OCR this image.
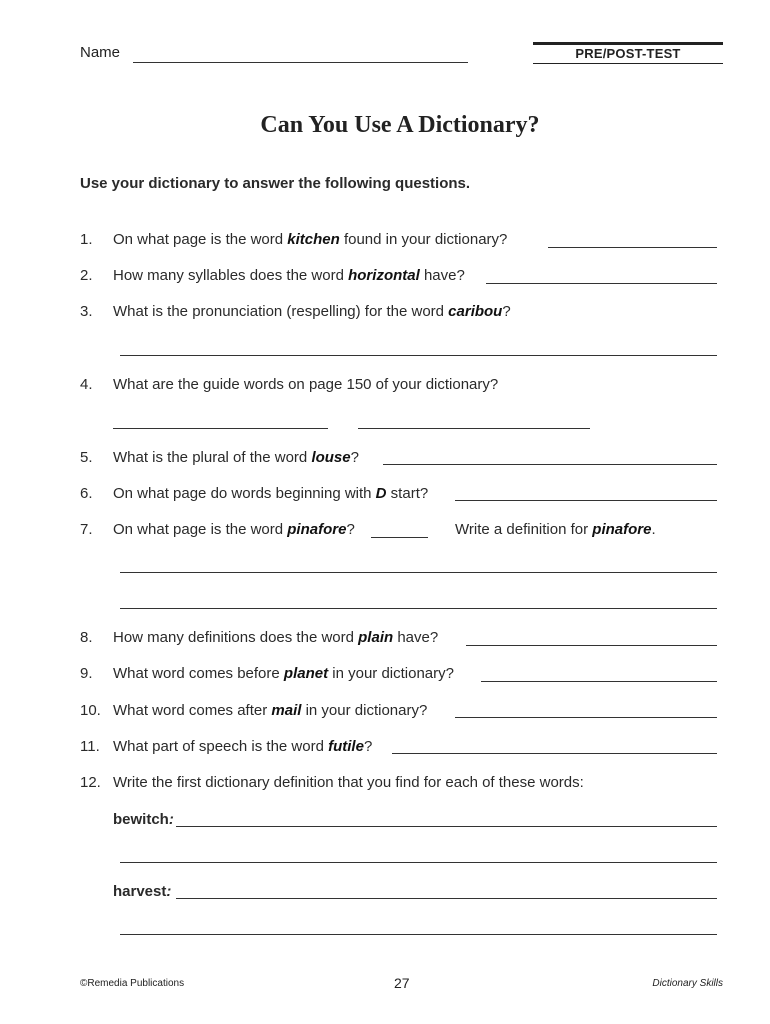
Name	PRE/POST-TEST
Can You Use A Dictionary?
Use your dictionary to answer the following questions.
1. On what page is the word kitchen found in your dictionary?
2. How many syllables does the word horizontal have?
3. What is the pronunciation (respelling) for the word caribou?
4. What are the guide words on page 150 of your dictionary?
5. What is the plural of the word louse?
6. On what page do words beginning with D start?
7. On what page is the word pinafore?	Write a definition for pinafore.
8. How many definitions does the word plain have?
9. What word comes before planet in your dictionary?
10. What word comes after mail in your dictionary?
11. What part of speech is the word futile?
12. Write the first dictionary definition that you find for each of these words:
bewitch:
harvest:
©Remedia Publications	27	Dictionary Skills
